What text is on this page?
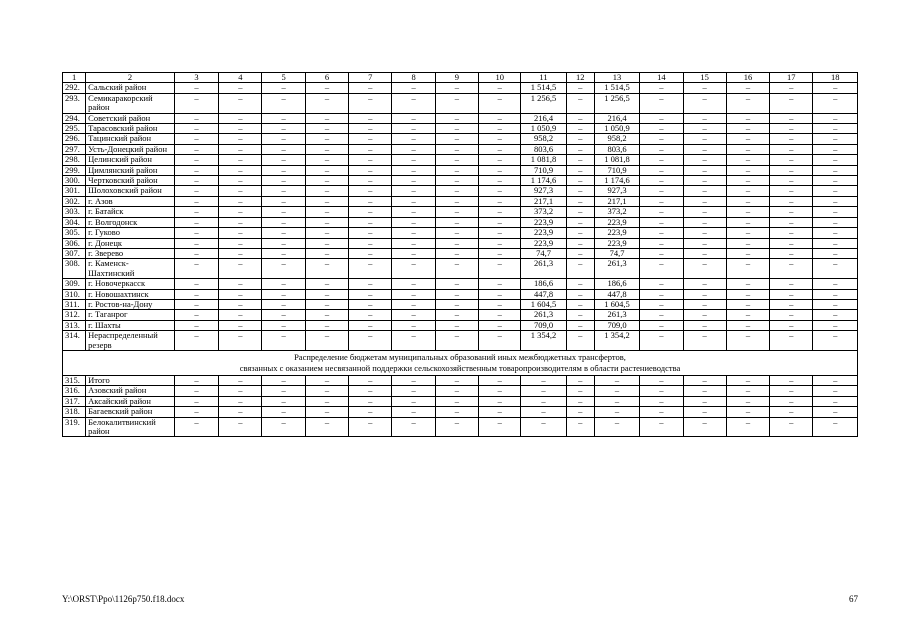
1	2	3	4	5	6	7	8	9	10	11	12	13	14	15	16	17	18
292.	Сальский район	–	–	–	–	–	–	–	–	1 514,5	–	1 514,5	–	–	–	–	–
293.	Семикаракорский район	–	–	–	–	–	–	–	–	1 256,5	–	1 256,5	–	–	–	–	–
294.	Советский район	–	–	–	–	–	–	–	–	216,4	–	216,4	–	–	–	–	–
295.	Тарасовский район	–	–	–	–	–	–	–	–	1 050,9	–	1 050,9	–	–	–	–	–
296.	Тацинский район	–	–	–	–	–	–	–	–	958,2	–	958,2	–	–	–	–	–
297.	Усть-Донецкий район	–	–	–	–	–	–	–	–	803,6	–	803,6	–	–	–	–	–
298.	Целинский район	–	–	–	–	–	–	–	–	1 081,8	–	1 081,8	–	–	–	–	–
299.	Цимлянский район	–	–	–	–	–	–	–	–	710,9	–	710,9	–	–	–	–	–
300.	Чертковский район	–	–	–	–	–	–	–	–	1 174,6	–	1 174,6	–	–	–	–	–
301.	Шолоховский район	–	–	–	–	–	–	–	–	927,3	–	927,3	–	–	–	–	–
302.	г. Азов	–	–	–	–	–	–	–	–	217,1	–	217,1	–	–	–	–	–
303.	г. Батайск	–	–	–	–	–	–	–	–	373,2	–	373,2	–	–	–	–	–
304.	г. Волгодонск	–	–	–	–	–	–	–	–	223,9	–	223,9	–	–	–	–	–
305.	г. Гуково	–	–	–	–	–	–	–	–	223,9	–	223,9	–	–	–	–	–
306.	г. Донецк	–	–	–	–	–	–	–	–	223,9	–	223,9	–	–	–	–	–
307.	г. Зверево	–	–	–	–	–	–	–	–	74,7	–	74,7	–	–	–	–	–
308.	г. Каменск-Шахтинский	–	–	–	–	–	–	–	–	261,3	–	261,3	–	–	–	–	–
309.	г. Новочеркасск	–	–	–	–	–	–	–	–	186,6	–	186,6	–	–	–	–	–
310.	г. Новошахтинск	–	–	–	–	–	–	–	–	447,8	–	447,8	–	–	–	–	–
311.	г. Ростов-на-Дону	–	–	–	–	–	–	–	–	1 604,5	–	1 604,5	–	–	–	–	–
312.	г. Таганрог	–	–	–	–	–	–	–	–	261,3	–	261,3	–	–	–	–	–
313.	г. Шахты	–	–	–	–	–	–	–	–	709,0	–	709,0	–	–	–	–	–
314.	Нераспределенный резерв	–	–	–	–	–	–	–	–	1 354,2	–	1 354,2	–	–	–	–	–

Распределение бюджетам муниципальных образований иных межбюджетных трансфертов,
связанных с оказанием несвязанной поддержки сельскохозяйственным товаропроизводителям в области растениеводства																	

315.	Итого	–	–	–	–	–	–	–	–	–	–	–	–	–	–	–	–
316.	Азовский район	–	–	–	–	–	–	–	–	–	–	–	–	–	–	–	–
317.	Аксайский район	–	–	–	–	–	–	–	–	–	–	–	–	–	–	–	–
318.	Багаевский район	–	–	–	–	–	–	–	–	–	–	–	–	–	–	–	–
319.	Белокалитвинский район	–	–	–	–	–	–	–	–	–	–	–	–	–	–	–	–
Y:\ORST\Ppo\1126p750.f18.docx	67
